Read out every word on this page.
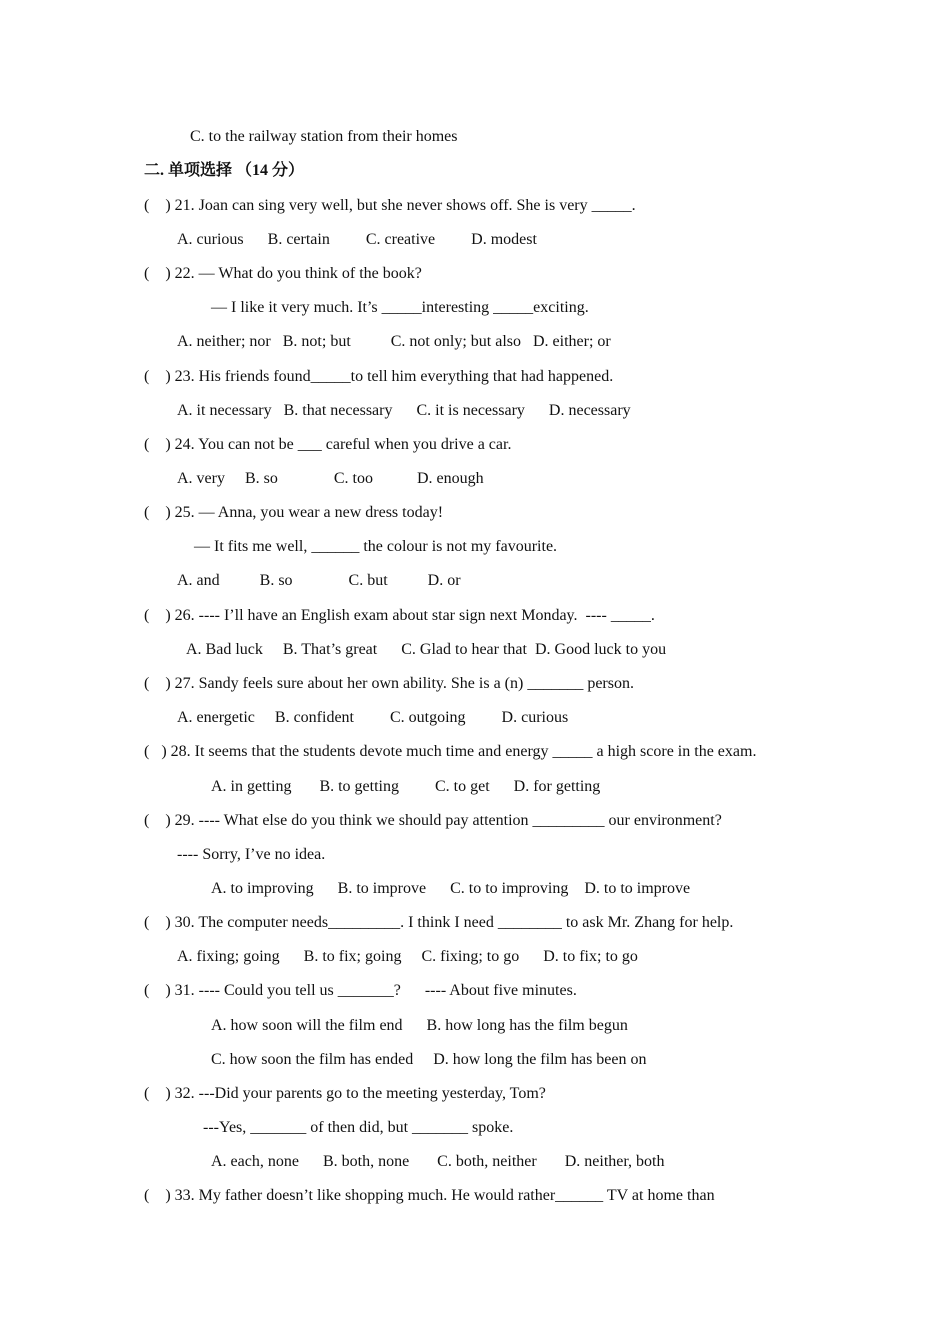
C. to the railway station from their homes
二. 单项选择 （14 分）
(    ) 21. Joan can sing very well, but she never shows off. She is very _____.
A. curious      B. certain         C. creative         D. modest
(    ) 22. — What do you think of the book?
— I like it very much. It’s _____interesting _____exciting.
A. neither; nor   B. not; but          C. not only; but also   D. either; or
(    ) 23. His friends found_____to tell him everything that had happened.
A. it necessary   B. that necessary      C. it is necessary      D. necessary
(    ) 24. You can not be ___ careful when you drive a car.
A. very     B. so              C. too           D. enough
(    ) 25. — Anna, you wear a new dress today!
— It fits me well, ______ the colour is not my favourite.
A. and          B. so              C. but          D. or
(    ) 26. ---- I’ll have an English exam about star sign next Monday.  ---- _____.
A. Bad luck     B. That’s great      C. Glad to hear that  D. Good luck to you
(    ) 27. Sandy feels sure about her own ability. She is a (n) _______ person.
A. energetic     B. confident         C. outgoing         D. curious
(   ) 28. It seems that the students devote much time and energy _____ a high score in the exam.
A. in getting       B. to getting         C. to get      D. for getting
(    ) 29. ---- What else do you think we should pay attention _________ our environment?
---- Sorry, I’ve no idea.
A. to improving      B. to improve      C. to to improving    D. to to improve
(    ) 30. The computer needs_________. I think I need ________ to ask Mr. Zhang for help.
A. fixing; going      B. to fix; going     C. fixing; to go      D. to fix; to go
(    ) 31. ---- Could you tell us _______?      ---- About five minutes.
A. how soon will the film end      B. how long has the film begun
C. how soon the film has ended     D. how long the film has been on
(    ) 32. ---Did your parents go to the meeting yesterday, Tom?
---Yes, _______ of then did, but _______ spoke.
A. each, none      B. both, none       C. both, neither       D. neither, both
(    ) 33. My father doesn’t like shopping much. He would rather______ TV at home than
